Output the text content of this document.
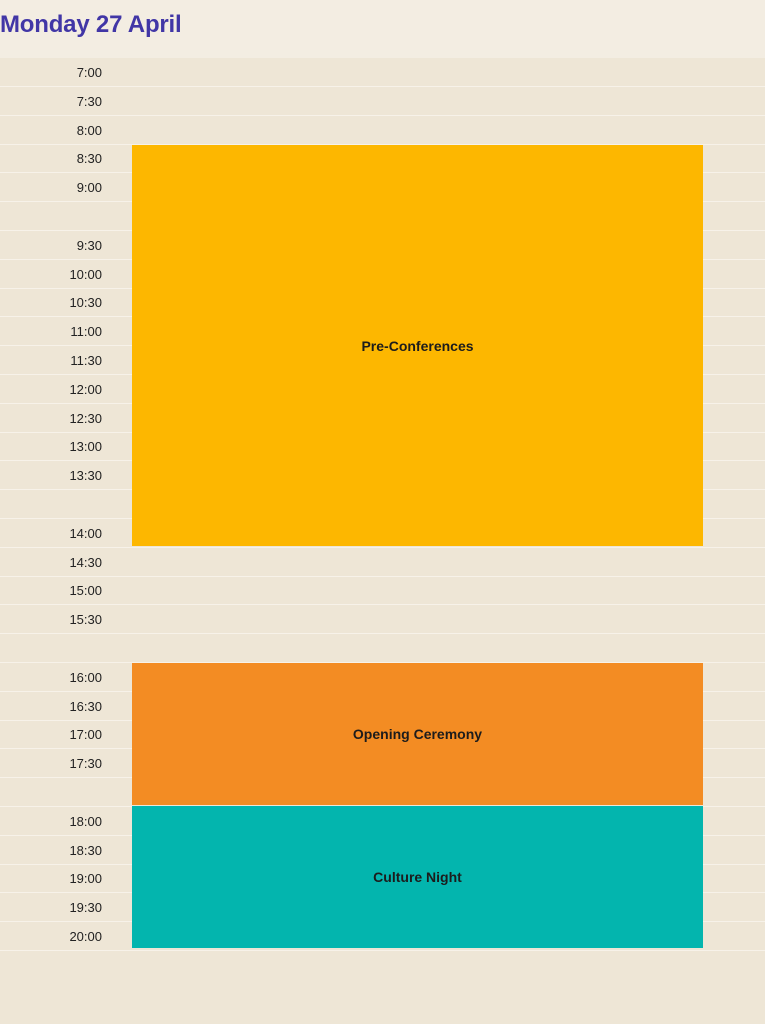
Monday 27 April
20:00
19:30
19:00
18:30
18:00
17:30
17:00
16:30
16:00
15:30
15:00
14:30
14:00
13:30
13:00
12:30
12:00
11:30
11:00
10:30
10:00
9:30
9:00
8:30
8:00
7:30
7:00
Pre-Conferences
Opening Ceremony
Culture Night
